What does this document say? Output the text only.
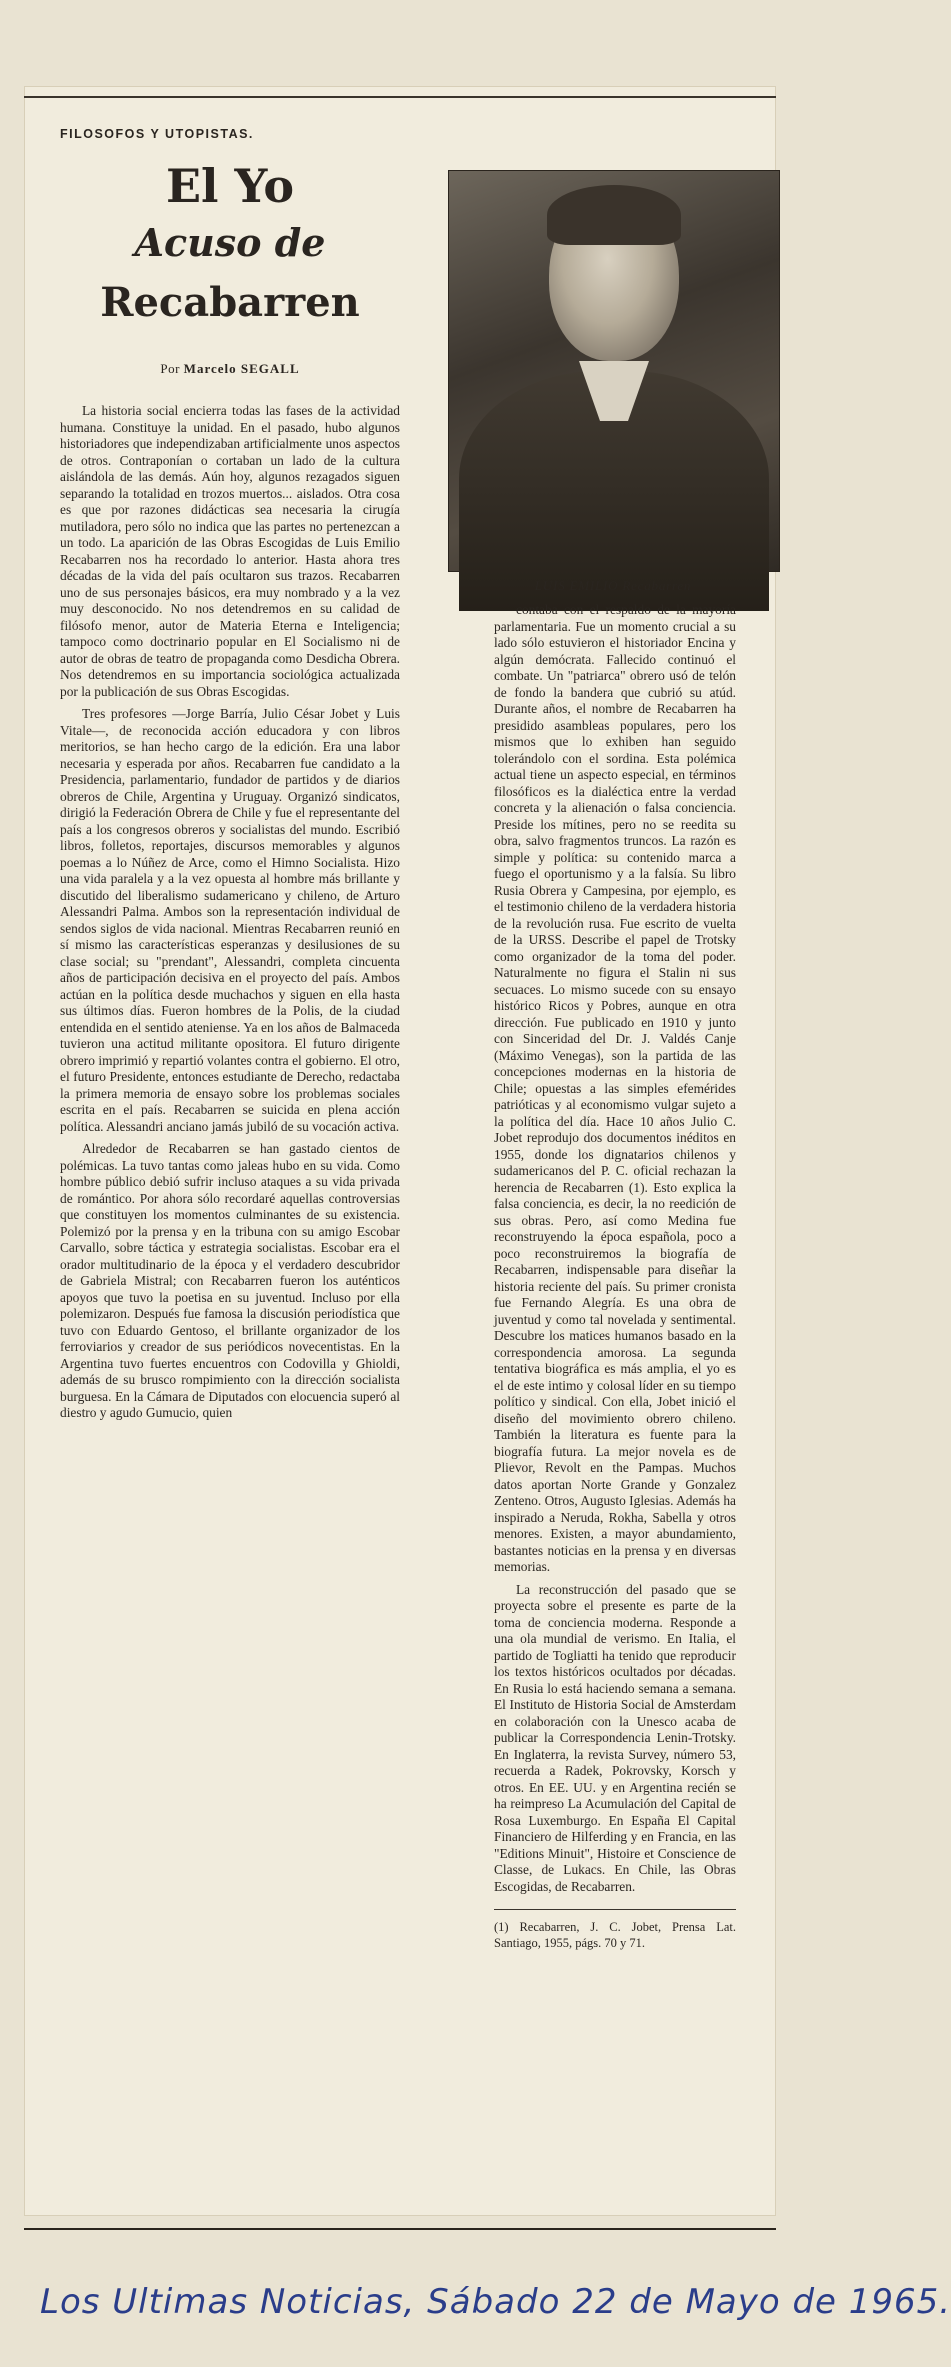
FILOSOFOS Y UTOPISTAS.
El Yo
Acuso de
Recabarren
Por Marcelo SEGALL

La historia social encierra todas las fases de la actividad humana. Constituye la unidad. En el pasado, hubo algunos historiadores que independizaban artificialmente unos aspectos de otros. Contraponían o cortaban un lado de la cultura aislándola de las demás. Aún hoy, algunos rezagados siguen separando la totalidad en trozos muertos... aislados. Otra cosa es que por razones didácticas sea necesaria la cirugía mutiladora, pero sólo no indica que las partes no pertenezcan a un todo. La aparición de las Obras Escogidas de Luis Emilio Recabarren nos ha recordado lo anterior. Hasta ahora tres décadas de la vida del país ocultaron sus trazos. Recabarren uno de sus personajes básicos, era muy nombrado y a la vez muy desconocido. No nos detendremos en su calidad de filósofo menor, autor de Materia Eterna e Inteligencia; tampoco como doctrinario popular en El Socialismo ni de autor de obras de teatro de propaganda como Desdicha Obrera. Nos detendremos en su importancia sociológica actualizada por la publicación de sus Obras Escogidas.

Tres profesores —Jorge Barría, Julio César Jobet y Luis Vitale—, de reconocida acción educadora y con libros meritorios, se han hecho cargo de la edición. Era una labor necesaria y esperada por años. Recabarren fue candidato a la Presidencia, parlamentario, fundador de partidos y de diarios obreros de Chile, Argentina y Uruguay. Organizó sindicatos, dirigió la Federación Obrera de Chile y fue el representante del país a los congresos obreros y socialistas del mundo. Escribió libros, folletos, reportajes, discursos memorables y algunos poemas a lo Núñez de Arce, como el Himno Socialista. Hizo una vida paralela y a la vez opuesta al hombre más brillante y discutido del liberalismo sudamericano y chileno, de Arturo Alessandri Palma. Ambos son la representación individual de sendos siglos de vida nacional. Mientras Recabarren reunió en sí mismo las características esperanzas y desilusiones de su clase social; su "prendant", Alessandri, completa cincuenta años de participación decisiva en el proyecto del país. Ambos actúan en la política desde muchachos y siguen en ella hasta sus últimos días. Fueron hombres de la Polis, de la ciudad entendida en el sentido ateniense. Ya en los años de Balmaceda tuvieron una actitud militante opositora. El futuro dirigente obrero imprimió y repartió volantes contra el gobierno. El otro, el futuro Presidente, entonces estudiante de Derecho, redactaba la primera memoria de ensayo sobre los problemas sociales escrita en el país. Recabarren se suicida en plena acción política. Alessandri anciano jamás jubiló de su vocación activa.

Alrededor de Recabarren se han gastado cientos de polémicas. La tuvo tantas como jaleas hubo en su vida. Como hombre público debió sufrir incluso ataques a su vida privada de romántico. Por ahora sólo recordaré aquellas controversias que constituyen los momentos culminantes de su existencia. Polemizó por la prensa y en la tribuna con su amigo Escobar Carvallo, sobre táctica y estrategia socialistas. Escobar era el orador multitudinario de la época y el verdadero descubridor de Gabriela Mistral; con Recabarren fueron los auténticos apoyos que tuvo la poetisa en su juventud. Incluso por ella polemizaron. Después fue famosa la discusión periodística que tuvo con Eduardo Gentoso, el brillante organizador de los ferroviarios y creador de sus periódicos novecentistas. En la Argentina tuvo fuertes encuentros con Codovilla y Ghioldi, además de su brusco rompimiento con la dirección socialista burguesa. En la Cámara de Diputados con elocuencia superó al diestro y agudo Gumucio, quien

LUIS EMILIO Recabarren

contaba con el respaldo de la mayoría parlamentaria. Fue un momento crucial a su lado sólo estuvieron el historiador Encina y algún demócrata. Fallecido continuó el combate. Un "patriarca" obrero usó de telón de fondo la bandera que cubrió su atúd. Durante años, el nombre de Recabarren ha presidido asambleas populares, pero los mismos que lo exhiben han seguido tolerándolo con el sordina. Esta polémica actual tiene un aspecto especial, en términos filosóficos es la dialéctica entre la verdad concreta y la alienación o falsa conciencia. Preside los mítines, pero no se reedita su obra, salvo fragmentos truncos. La razón es simple y política: su contenido marca a fuego el oportunismo y a la falsía. Su libro Rusia Obrera y Campesina, por ejemplo, es el testimonio chileno de la verdadera historia de la revolución rusa. Fue escrito de vuelta de la URSS. Describe el papel de Trotsky como organizador de la toma del poder. Naturalmente no figura el Stalin ni sus secuaces. Lo mismo sucede con su ensayo histórico Ricos y Pobres, aunque en otra dirección. Fue publicado en 1910 y junto con Sinceridad del Dr. J. Valdés Canje (Máximo Venegas), son la partida de las concepciones modernas en la historia de Chile; opuestas a las simples efemérides patrióticas y al economismo vulgar sujeto a la política del día. Hace 10 años Julio C. Jobet reprodujo dos documentos inéditos en 1955, donde los dignatarios chilenos y sudamericanos del P. C. oficial rechazan la herencia de Recabarren (1). Esto explica la falsa conciencia, es decir, la no reedición de sus obras. Pero, así como Medina fue reconstruyendo la época española, poco a poco reconstruiremos la biografía de Recabarren, indispensable para diseñar la historia reciente del país. Su primer cronista fue Fernando Alegría. Es una obra de juventud y como tal novelada y sentimental. Descubre los matices humanos basado en la correspondencia amorosa. La segunda tentativa biográfica es más amplia, el yo es el de este intimo y colosal líder en su tiempo político y sindical. Con ella, Jobet inició el diseño del movimiento obrero chileno. También la literatura es fuente para la biografía futura. La mejor novela es de Plievor, Revolt en the Pampas. Muchos datos aportan Norte Grande y Gonzalez Zenteno. Otros, Augusto Iglesias. Además ha inspirado a Neruda, Rokha, Sabella y otros menores. Existen, a mayor abundamiento, bastantes noticias en la prensa y en diversas memorias.

La reconstrucción del pasado que se proyecta sobre el presente es parte de la toma de conciencia moderna. Responde a una ola mundial de verismo. En Italia, el partido de Togliatti ha tenido que reproducir los textos históricos ocultados por décadas. En Rusia lo está haciendo semana a semana. El Instituto de Historia Social de Amsterdam en colaboración con la Unesco acaba de publicar la Correspondencia Lenin-Trotsky. En Inglaterra, la revista Survey, número 53, recuerda a Radek, Pokrovsky, Korsch y otros. En EE. UU. y en Argentina recién se ha reimpreso La Acumulación del Capital de Rosa Luxemburgo. En España El Capital Financiero de Hilferding y en Francia, en las "Editions Minuit", Histoire et Conscience de Classe, de Lukacs. En Chile, las Obras Escogidas, de Recabarren.

(1) Recabarren, J. C. Jobet, Prensa Lat. Santiago, 1955, págs. 70 y 71.

Los Ultimas Noticias, Sábado 22 de Mayo de 1965.
